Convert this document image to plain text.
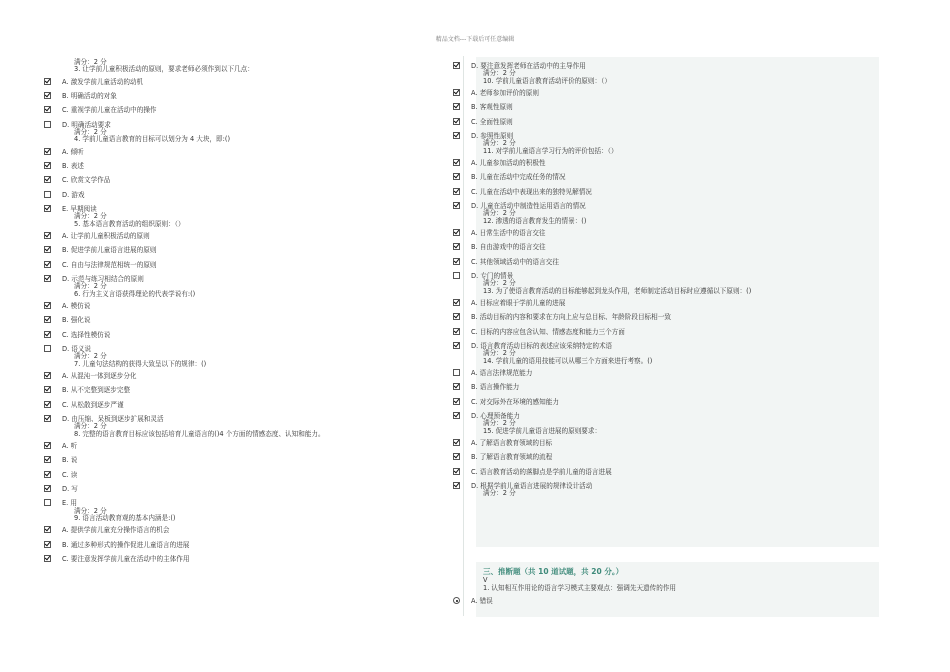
精品文档---下载后可任意编辑
满分：2 分
3. 让学前儿童积极活动的原则，要求老师必须作到以下几点：
A. 激发学前儿童活动的动机
B. 明确活动的对象
C. 重视学前儿童在活动中的操作
D. 明确活动要求
满分：2 分
4. 学前儿童语言教育的目标可以划分为 4 大块，即:()
A. 倾听
B. 表述
C. 欣赏文学作品
D. 游戏
E. 早期阅读
满分：2 分
5. 基本语言教育活动的组织原则：（）
A. 让学前儿童积极活动的原则
B. 促进学前儿童语言进展的原则
C. 自由与法律规范相统一的原则
D. 示范与练习相结合的原则
满分：2 分
6. 行为主义言语获得理论的代表学说有:()
A. 模仿说
B. 强化说
C. 选择性模仿说
D. 语义说
满分：2 分
7. 儿童句法结构的获得大致呈以下的规律：()
A. 从混沌一体到逐步分化
B. 从不完整到逐步完整
C. 从松散到逐步严谨
D. 由压缩、呆板到逐步扩展和灵活
满分：2 分
8. 完整的语言教育目标应该包括培育儿童语言的()4 个方面的情感态度、认知和能力。
A. 听
B. 说
C. 读
D. 写
E. 用
满分：2 分
9. 语言活动教育观的基本内涵是:()
A. 提供学前儿童充分操作语言的机会
B. 通过多种形式的操作促进儿童语言的进展
C. 要注意发挥学前儿童在活动中的主体作用
D. 要注意发挥老师在活动中的主导作用
满分：2 分
10. 学前儿童语言教育活动评价的原则：（）
A. 老师参加评价的原则
B. 客观性原则
C. 全面性原则
D. 参照性原则
满分：2 分
11. 对学前儿童语言学习行为的评价包括：（）
A. 儿童参加活动的积极性
B. 儿童在活动中完成任务的情况
C. 儿童在活动中表现出来的独特见解情况
D. 儿童在活动中制造性运用语言的情况
满分：2 分
12. 渗透的语言教育发生的情景：()
A. 日常生活中的语言交往
B. 自由游戏中的语言交往
C. 其他领域活动中的语言交往
D. 专门的情景
满分：2 分
13. 为了使语言教育活动的目标能够起到龙头作用，老师制定活动目标时应遵循以下原则：()
A. 目标应着眼于学前儿童的进展
B. 活动目标的内容和要求在方向上应与总目标、年龄阶段目标相一致
C. 目标的内容应包含认知、情感态度和能力三个方面
D. 语言教育活动目标的表述应该采纳特定的术语
满分：2 分
14. 学前儿童的语用技能可以从哪三个方面来进行考察。()
A. 语言法律规范能力
B. 语言操作能力
C. 对交际外在环境的感知能力
D. 心理预备能力
满分：2 分
15. 促进学前儿童语言进展的原则要求：
A. 了解语言教育领域的目标
B. 了解语言教育领域的流程
C. 语言教育活动的落脚点是学前儿童的语言进展
D. 根据学前儿童语言进展的规律设计活动
满分：2 分
三、推断题（共 10 道试题，共 20 分。）
V
1. 认知相互作用论的语言学习模式主要观点：强调先天遗传的作用
A. 错误
